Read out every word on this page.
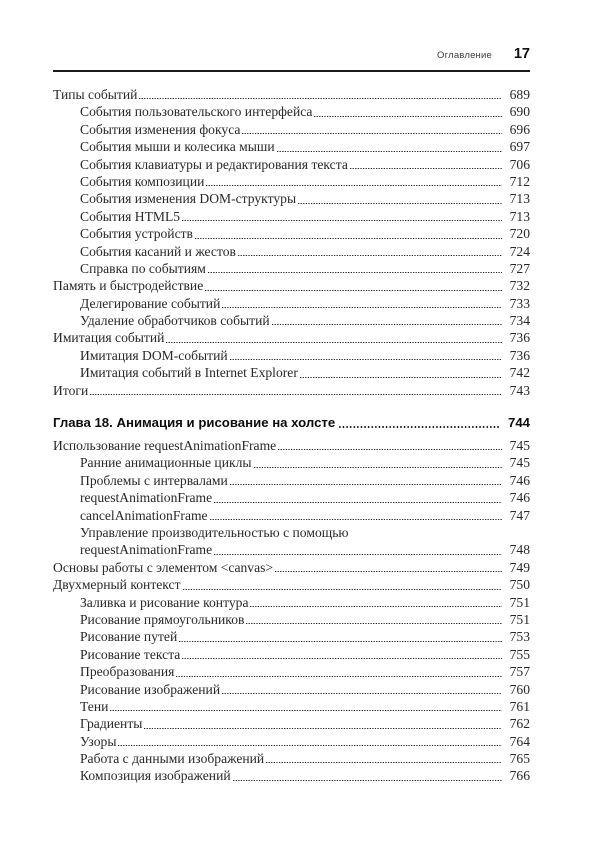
Оглавление 17
Типы событий	689
События пользовательского интерфейса	690
События изменения фокуса	696
События мыши и колесика мыши	697
События клавиатуры и редактирования текста	706
События композиции	712
События изменения DOM-структуры	713
События HTML5	713
События устройств	720
События касаний и жестов	724
Справка по событиям	727
Память и быстродействие	732
Делегирование событий	733
Удаление обработчиков событий	734
Имитация событий	736
Имитация DOM-событий	736
Имитация событий в Internet Explorer	742
Итоги	743
Глава 18. Анимация и рисование на холсте	744
Использование requestAnimationFrame	745
Ранние анимационные циклы	745
Проблемы с интервалами	746
requestAnimationFrame	746
cancelAnimationFrame	747
Управление производительностью с помощью
requestAnimationFrame	748
Основы работы с элементом <canvas>	749
Двухмерный контекст	750
Заливка и рисование контура	751
Рисование прямоугольников	751
Рисование путей	753
Рисование текста	755
Преобразования	757
Рисование изображений	760
Тени	761
Градиенты	762
Узоры	764
Работа с данными изображений	765
Композиция изображений	766
